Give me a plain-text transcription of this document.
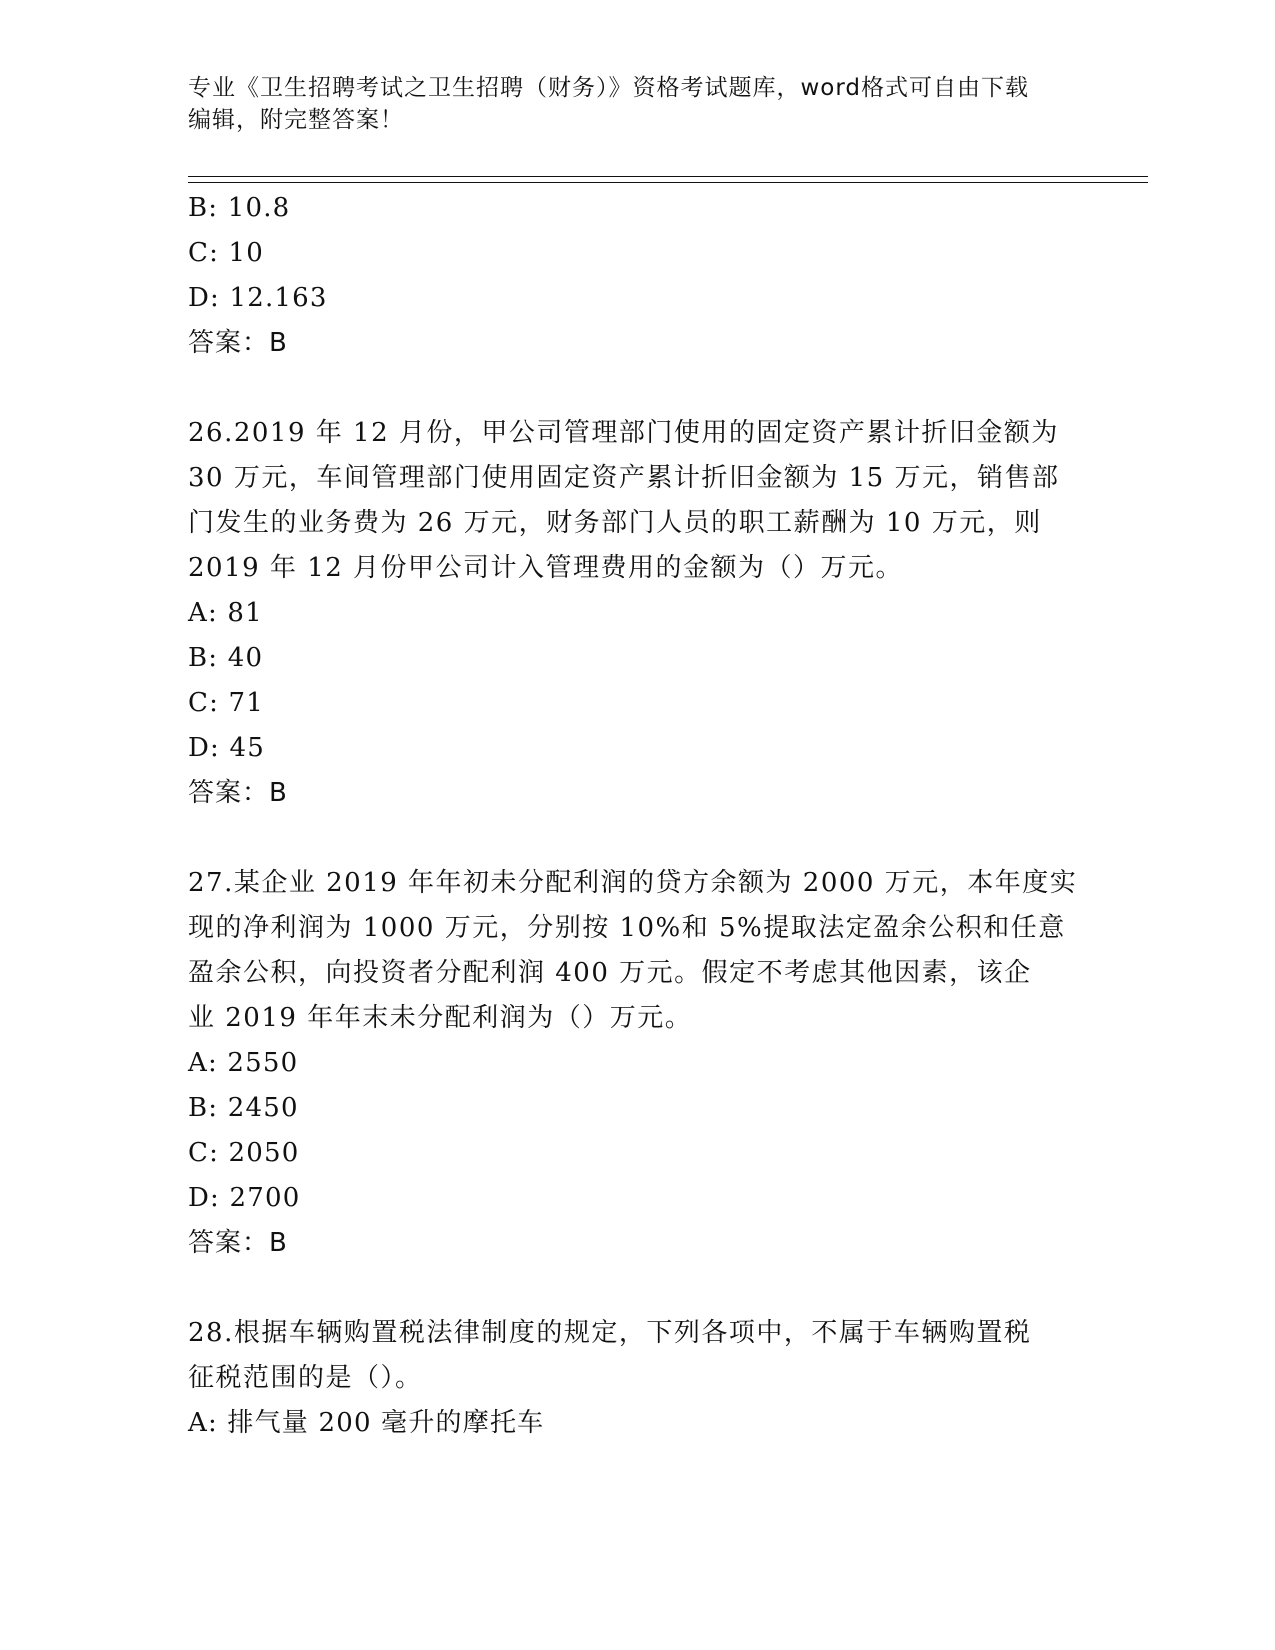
专业《卫生招聘考试之卫生招聘（财务）》资格考试题库，word格式可自由下载
编辑，附完整答案！
B: 10.8
C: 10
D: 12.163
答案：B
26.2019 年 12 月份，甲公司管理部门使用的固定资产累计折旧金额为
30 万元，车间管理部门使用固定资产累计折旧金额为 15 万元，销售部
门发生的业务费为 26 万元，财务部门人员的职工薪酬为 10 万元，则
2019 年 12 月份甲公司计入管理费用的金额为（）万元。
A: 81
B: 40
C: 71
D: 45
答案：B
27.某企业 2019 年年初未分配利润的贷方余额为 2000 万元，本年度实
现的净利润为 1000 万元，分别按 10%和 5%提取法定盈余公积和任意
盈余公积，向投资者分配利润 400 万元。假定不考虑其他因素，该企
业 2019 年年末未分配利润为（）万元。
A: 2550
B: 2450
C: 2050
D: 2700
答案：B
28.根据车辆购置税法律制度的规定，下列各项中，不属于车辆购置税
征税范围的是（）。
A: 排气量 200 毫升的摩托车
